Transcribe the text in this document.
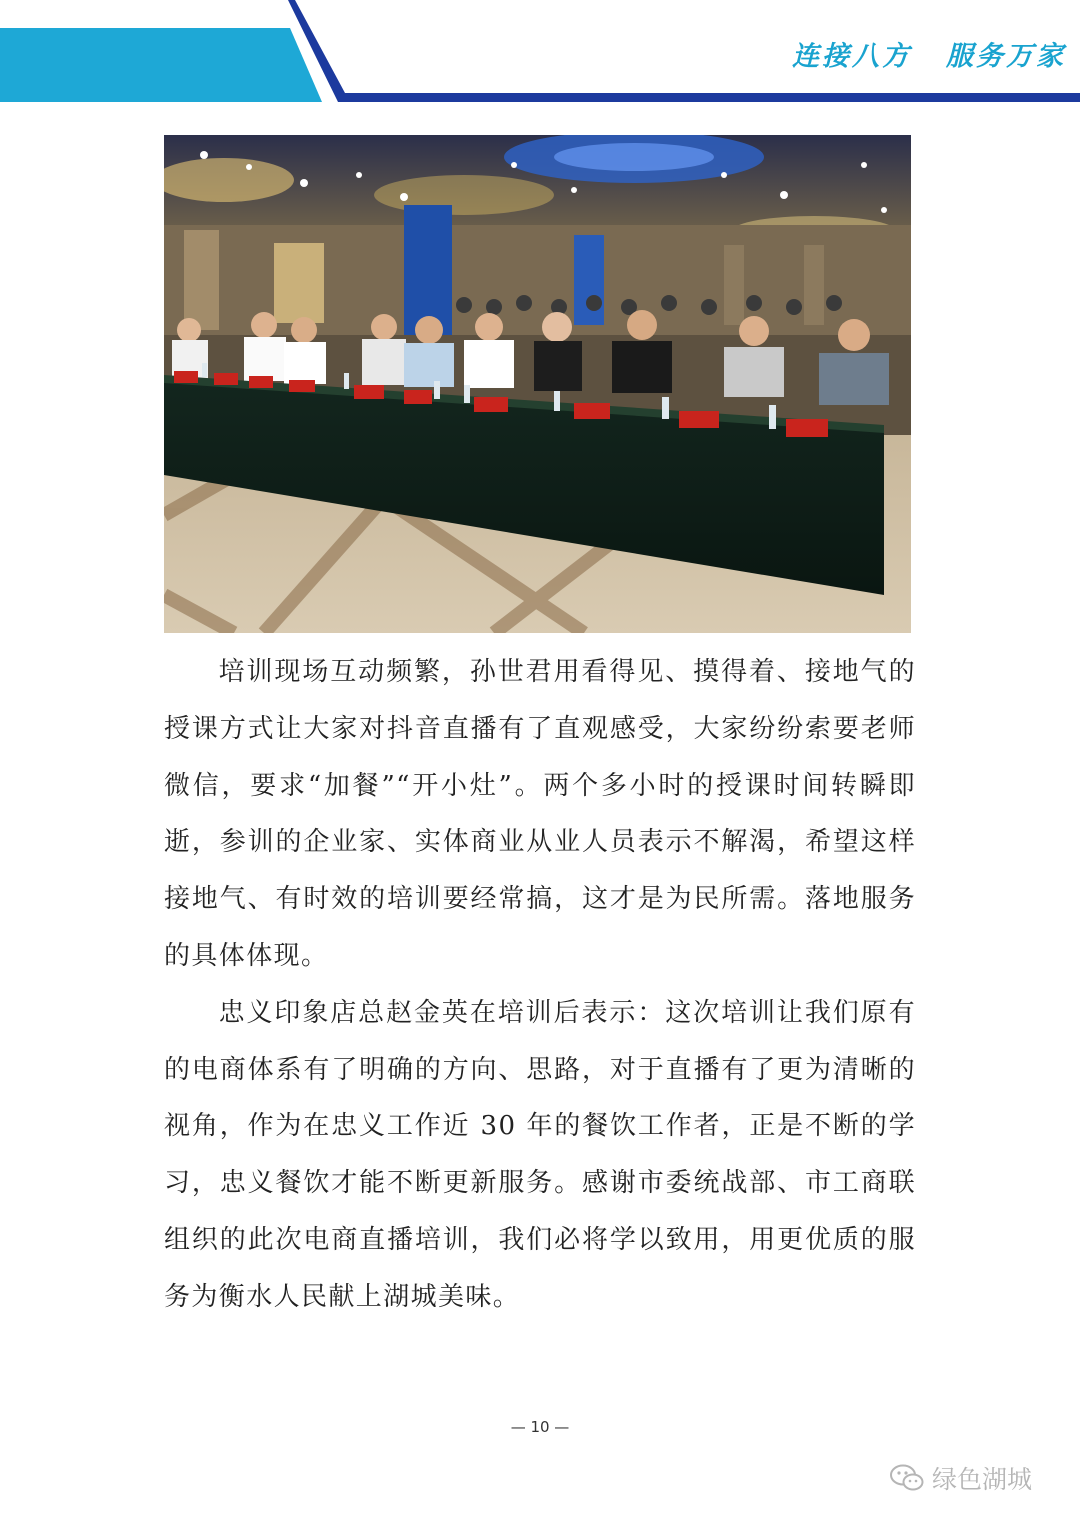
连接八方 服务万家

培训现场互动频繁，孙世君用看得见、摸得着、接地气的授课方式让大家对抖音直播有了直观感受，大家纷纷索要老师微信，要求“加餐”“开小灶”。两个多小时的授课时间转瞬即逝，参训的企业家、实体商业从业人员表示不解渴，希望这样接地气、有时效的培训要经常搞，这才是为民所需。落地服务的具体体现。

忠义印象店总赵金英在培训后表示：这次培训让我们原有的电商体系有了明确的方向、思路，对于直播有了更为清晰的视角，作为在忠义工作近 30 年的餐饮工作者，正是不断的学习，忠义餐饮才能不断更新服务。感谢市委统战部、市工商联组织的此次电商直播培训，我们必将学以致用，用更优质的服务为衡水人民献上湖城美味。

— 10 —
绿色湖城
